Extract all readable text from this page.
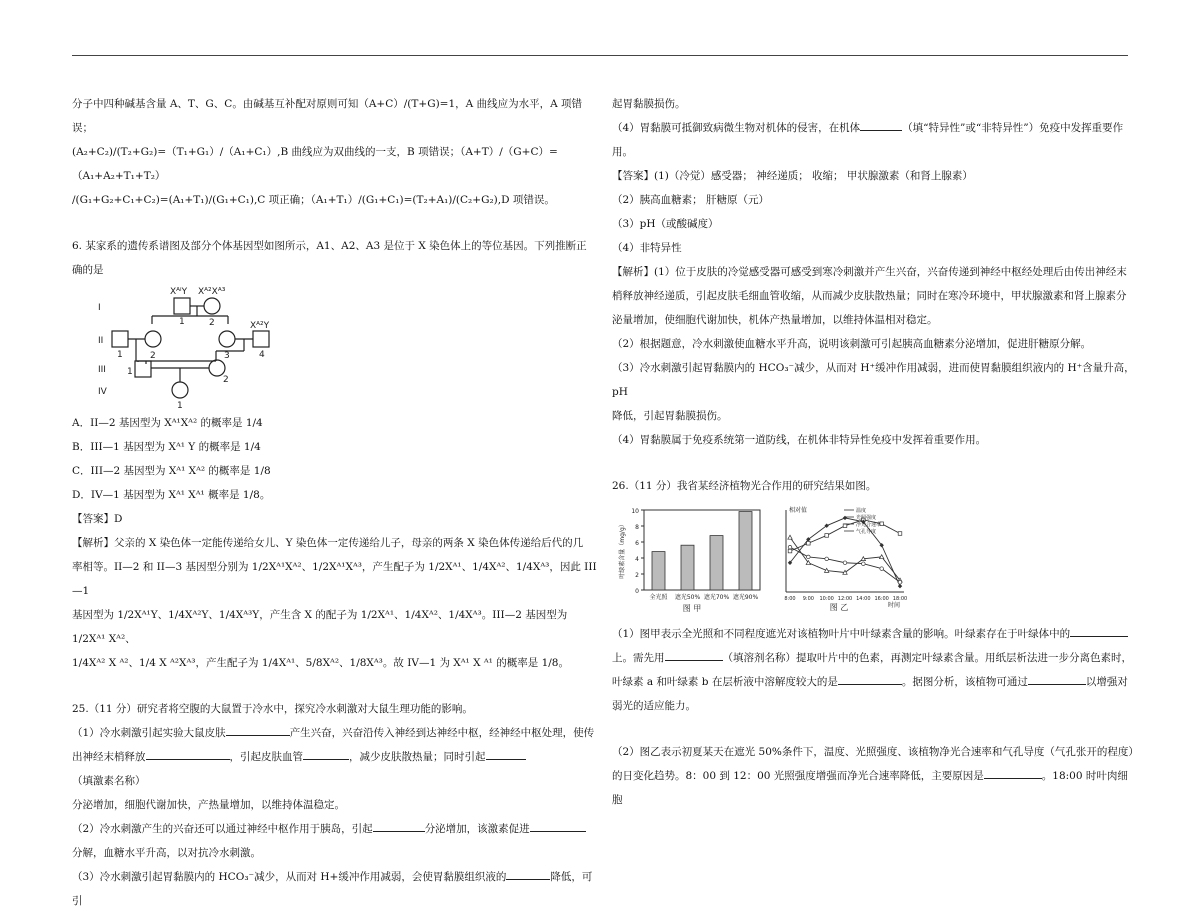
分子中四种碱基含量 A、T、G、C。由碱基互补配对原则可知（A+C）/(T+G)=1，A 曲线应为水平，A 项错误；

(A₂+C₂)/(T₂+G₂)=（T₁+G₁）/（A₁+C₁）,B 曲线应为双曲线的一支，B 项错误；（A+T）/（G+C）=（A₁+A₂+T₁+T₂）

/(G₁+G₂+C₁+C₂)=(A₁+T₁)/(G₁+C₁),C 项正确；（A₁+T₁）/(G₁+C₁)=(T₂+A₁)/(C₂+G₂),D 项错误。

6. 某家系的遗传系谱图及部分个体基因型如图所示，A1、A2、A3 是位于 X 染色体上的等位基因。下列推断正

确的是

I
II
III
IV
XᴬⁱY Xᴬ²Xᴬ³
Xᴬ²Y
1	2
1	2	3	4
1
2
1

A．II—2 基因型为 Xᴬ¹Xᴬ² 的概率是 1/4

B．III—1 基因型为 Xᴬ¹ Y 的概率是 1/4

C．III—2 基因型为 Xᴬ¹ Xᴬ² 的概率是 1/8

D．IV—1 基因型为 Xᴬ¹ Xᴬ¹ 概率是 1/8。

【答案】D

【解析】父亲的 X 染色体一定能传递给女儿、Y 染色体一定传递给儿子，母亲的两条 X 染色体传递给后代的几

率相等。II—2 和 II—3 基因型分别为 1/2Xᴬ¹Xᴬ²、1/2Xᴬ¹Xᴬ³，产生配子为 1/2Xᴬ¹、1/4Xᴬ²、1/4Xᴬ³，因此 III—1

基因型为 1/2Xᴬ¹Y、1/4Xᴬ²Y、1/4Xᴬ³Y，产生含 X 的配子为 1/2Xᴬ¹、1/4Xᴬ²、1/4Xᴬ³。III—2 基因型为 1/2Xᴬ¹ Xᴬ²、

1/4Xᴬ² X ᴬ²、1/4 X ᴬ²Xᴬ³，产生配子为 1/4Xᴬ¹、5/8Xᴬ²、1/8Xᴬ³。故 IV—1 为 Xᴬ¹ X ᴬ¹ 的概率是 1/8。

25.（11 分）研究者将空腹的大鼠置于冷水中，探究冷水刺激对大鼠生理功能的影响。

（1）冷水刺激引起实验大鼠皮肤	产生兴奋，兴奋沿传入神经到达神经中枢，经神经中枢处理，使传

出神经末梢释放	，引起皮肤血管	，减少皮肤散热量；同时引起（填激素名称）

分泌增加，细胞代谢加快，产热量增加，以维持体温稳定。

（2）冷水刺激产生的兴奋还可以通过神经中枢作用于胰岛，引起	分泌增加，该激素促进

分解，血糖水平升高，以对抗冷水刺激。

（3）冷水刺激引起胃黏膜内的 HCO₃⁻减少，从而对 H+缓冲作用减弱，会使胃黏膜组织液的	降低，可引

起胃黏膜损伤。

（4）胃黏膜可抵御致病微生物对机体的侵害，在机体	（填“特异性”或“非特异性”）免疫中发挥重要作

用。

【答案】(1)（冷觉）感受器； 神经递质； 收缩； 甲状腺激素（和肾上腺素）

（2）胰高血糖素； 肝糖原（元）

（3）pH（或酸碱度）

（4）非特异性

【解析】(1）位于皮肤的冷觉感受器可感受到寒冷刺激并产生兴奋，兴奋传递到神经中枢经处理后由传出神经末

梢释放神经递质，引起皮肤毛细血管收缩，从而减少皮肤散热量；同时在寒冷环境中，甲状腺激素和肾上腺素分

泌量增加，使细胞代谢加快，机体产热量增加，以维持体温相对稳定。

（2）根据题意，冷水刺激使血糖水平升高，说明该刺激可引起胰高血糖素分泌增加，促进肝糖原分解。

（3）冷水刺激引起胃黏膜内的 HCO₃⁻减少，从而对 H⁺缓冲作用减弱，进而使胃黏膜组织液内的 H⁺含量升高，pH

降低，引起胃黏膜损伤。

（4）胃黏膜属于免疫系统第一道防线，在机体非特异性免疫中发挥着重要作用。

26.（11 分）我省某经济植物光合作用的研究结果如图。

0
2
4
6
8
10
叶绿素含量（mg/g）
全光照 遮光50% 遮光70% 遮光90%
图 甲
相对值
8:00 9:00 10:00 12:00 14:00 16:00 18:00
时间
图 乙
温度
光照强度
净光合速率
气孔导度

（1）图甲表示全光照和不同程度遮光对该植物叶片中叶绿素含量的影响。叶绿素存在于叶绿体中的

上。需先用	（填溶剂名称）提取叶片中的色素，再测定叶绿素含量。用纸层析法进一步分离色素时，

叶绿素 a 和叶绿素 b 在层析液中溶解度较大的是	。据图分析，该植物可通过	以增强对

弱光的适应能力。

（2）图乙表示初夏某天在遮光 50%条件下，温度、光照强度、该植物净光合速率和气孔导度（气孔张开的程度）

的日变化趋势。8：00 到 12：00 光照强度增强而净光合速率降低，主要原因是	。18:00 时叶肉细胞
